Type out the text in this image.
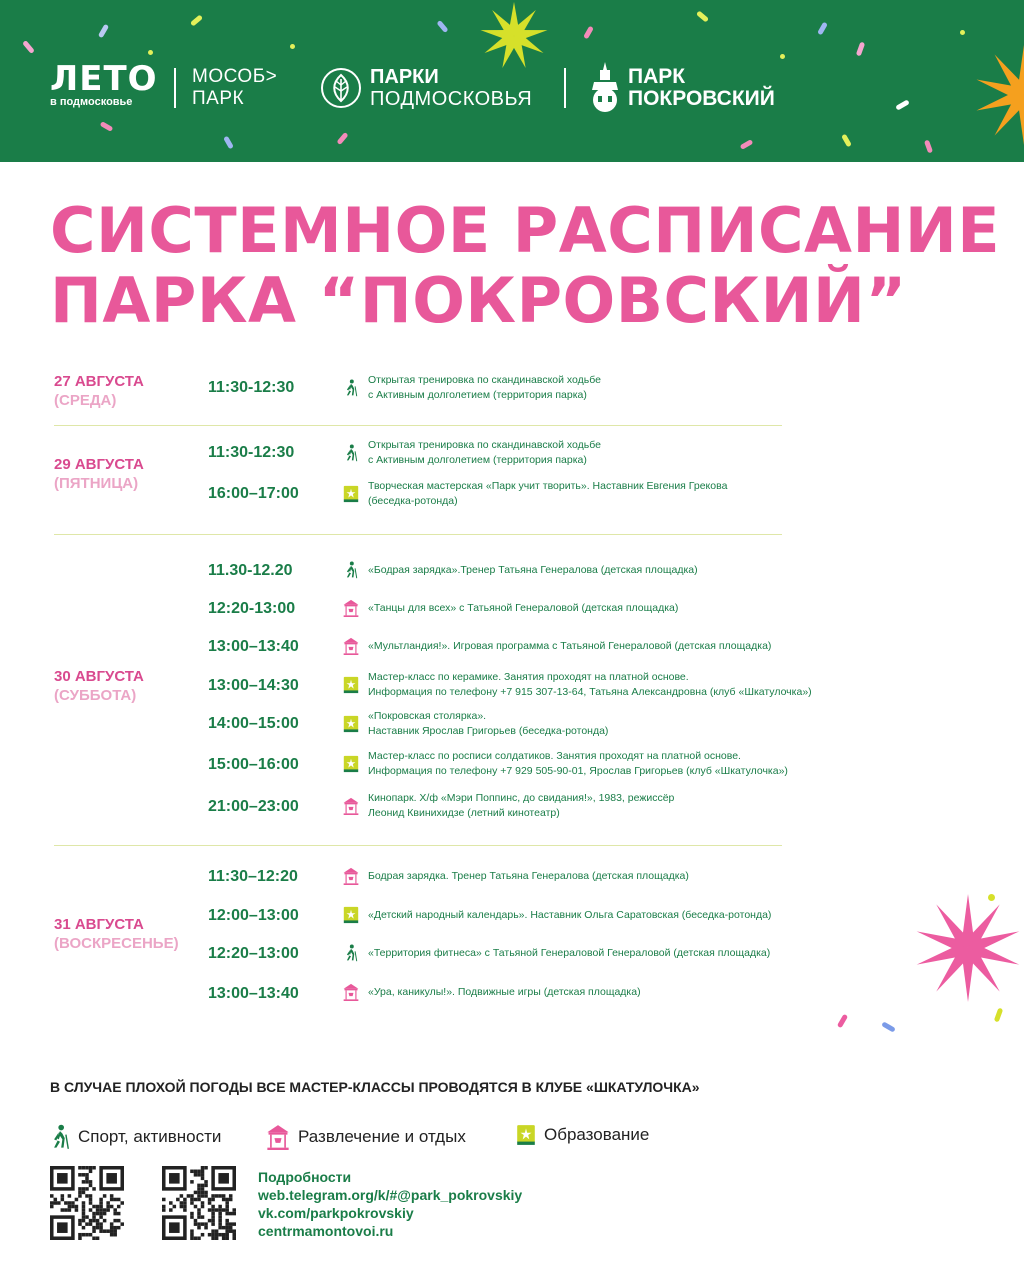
ЛЕТО
в подмосковье
МОСОБ>
ПАРК
ПАРКИ
ПОДМОСКОВЬЯ
ПАРК
ПОКРОВСКИЙ
СИСТЕМНОЕ РАСПИСАНИЕ
ПАРКА “ПОКРОВСКИЙ”
27 АВГУСТА
(СРЕДА)
11:30-12:30	Открытая тренировка по скандинавской ходьбе
с Активным долголетием (территория парка)
29 АВГУСТА
(ПЯТНИЦА)
11:30-12:30	Открытая тренировка по скандинавской ходьбе
с Активным долголетием (территория парка)
16:00–17:00	Творческая мастерская «Парк учит творить». Наставник Евгения Грекова
(беседка-ротонда)
30 АВГУСТА
(СУББОТА)
11.30-12.20	«Бодрая зарядка».Тренер Татьяна Генералова (детская площадка)
12:20-13:00	«Танцы для всех» с Татьяной Генераловой (детская площадка)
13:00–13:40	«Мультландия!». Игровая программа с Татьяной Генераловой (детская площадка)
13:00–14:30	Мастер-класс по керамике. Занятия проходят на платной основе.
Информация по телефону +7 915 307-13-64, Татьяна Александровна (клуб «Шкатулочка»)
14:00–15:00	«Покровская столярка».
Наставник Ярослав Григорьев (беседка-ротонда)
15:00–16:00	Мастер-класс по росписи солдатиков. Занятия проходят на платной основе.
Информация по телефону +7 929 505-90-01, Ярослав Григорьев (клуб «Шкатулочка»)
21:00–23:00	Кинопарк. Х/ф «Мэри Поппинс, до свидания!», 1983, режиссёр
Леонид Квинихидзе (летний кинотеатр)
31 АВГУСТА
(ВОСКРЕСЕНЬЕ)
11:30–12:20	Бодрая зарядка. Тренер Татьяна Генералова (детская площадка)
12:00–13:00	«Детский народный календарь». Наставник Ольга Саратовская (беседка-ротонда)
12:20–13:00	«Территория фитнеса» с Татьяной Генераловой Генераловой (детская площадка)
13:00–13:40	«Ура, каникулы!». Подвижные игры (детская площадка)
В СЛУЧАЕ ПЛОХОЙ ПОГОДЫ ВСЕ МАСТЕР-КЛАССЫ ПРОВОДЯТСЯ В КЛУБЕ «ШКАТУЛОЧКА»
Спорт, активности	Развлечение и отдых	Образование
Подробности
web.telegram.org/k/#@park_pokrovskiy
vk.com/parkpokrovskiy
centrmamontovoi.ru
